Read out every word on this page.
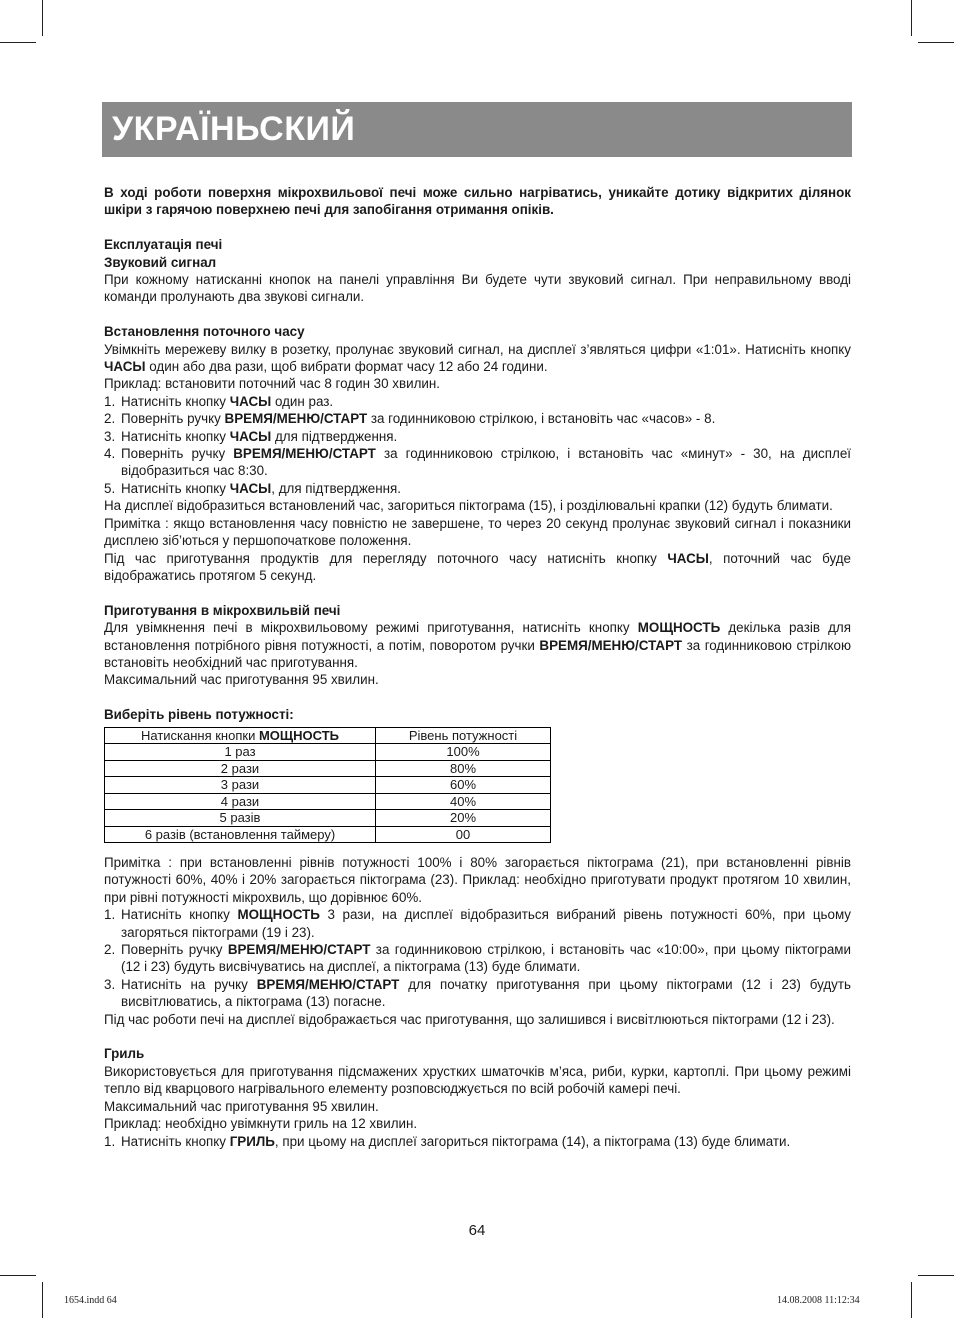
УКРАЇНЬСКИЙ

В ході роботи поверхня мікрохвильової печі може сильно нагріватись, уникайте дотику відкритих ділянок шкіри з гарячою поверхнею печі для запобігання отримання опіків.

Експлуатація печі

Звуковий сигнал

При кожному натисканні кнопок на панелі управління Ви будете чути звуковий сигнал. При неправильному вводі команди пролунають два звукові сигнали.

Встановлення поточного часу

Увімкніть мережеву вилку в розетку, пролунає звуковий сигнал, на дисплеї з’являться цифри «1:01». Натисніть кнопку ЧАСЫ один або два рази, щоб вибрати формат часу 12 або 24 години.

Приклад: встановити поточний час 8 годин 30 хвилин.

1. Натисніть кнопку ЧАСЫ один раз.
2. Поверніть ручку ВРЕМЯ/МЕНЮ/СТАРТ за годинниковою стрілкою, і встановіть час «часов» - 8.
3. Натисніть кнопку ЧАСЫ для підтвердження.
4. Поверніть ручку ВРЕМЯ/МЕНЮ/СТАРТ за годинниковою стрілкою, і встановіть час «минут» - 30, на дисплеї відобразиться час 8:30.
5. Натисніть кнопку ЧАСЫ, для підтвердження.

На дисплеї відобразиться встановлений час, загориться піктограма (15), і розділювальні крапки (12) будуть блимати.

Примітка : якщо встановлення часу повністю не завершене, то через 20 секунд пролунає звуковий сигнал і показники дисплею зіб’ються у першопочаткове положення.

Під час приготування продуктів для перегляду поточного часу натисніть кнопку ЧАСЫ, поточний час буде відображатись протягом 5 секунд.

Приготування в мікрохвильвій печі

Для увімкнення печі в мікрохвильовому режимі приготування, натисніть кнопку МОЩНОСТЬ декілька разів для встановлення потрібного рівня потужності, а потім, поворотом ручки ВРЕМЯ/МЕНЮ/СТАРТ за годинниковою стрілкою встановіть необхідний час приготування.

Максимальний час приготування 95 хвилин.

Виберіть рівень потужності:

Натискання кнопки МОЩНОСТЬ	Рівень потужності
1 раз	100%
2 рази	80%
3 рази	60%
4 рази	40%
5 разів	20%
6 разів (встановлення таймеру)	00

Примітка : при встановленні рівнів потужності 100% і 80% загорається піктограма (21), при встановленні рівнів потужності 60%, 40% і 20% загорається піктограма (23). Приклад: необхідно приготувати продукт протягом 10 хвилин, при рівні потужності мікрохвиль, що дорівнює 60%.

1. Натисніть кнопку МОЩНОСТЬ 3 рази, на дисплеї відобразиться вибраний рівень потужності 60%, при цьому загоряться піктограми (19 і 23).
2. Поверніть ручку ВРЕМЯ/МЕНЮ/СТАРТ за годинниковою стрілкою, і встановіть час «10:00», при цьому піктограми (12 і 23) будуть висвічуватись на дисплеї, а піктограма (13) буде блимати.
3. Натисніть на ручку ВРЕМЯ/МЕНЮ/СТАРТ для початку приготування при цьому піктограми (12 і 23) будуть висвітлюватись, а піктограма (13) погасне.

Під час роботи печі на дисплеї відображається час приготування, що залишився і висвітлюються піктограми (12 і 23).

Гриль

Використовується для приготування підсмажених хрустких шматочків м’яса, риби, курки, картоплі. При цьому режимі тепло від кварцового нагрівального елементу розповсюджується по всій робочій камері печі.

Максимальний час приготування 95 хвилин.

Приклад: необхідно увімкнути гриль на 12 хвилин.

1. Натисніть кнопку ГРИЛЬ, при цьому на дисплеї загориться піктограма (14), а піктограма (13) буде блимати.
64
1654.indd 64	14.08.2008 11:12:34
